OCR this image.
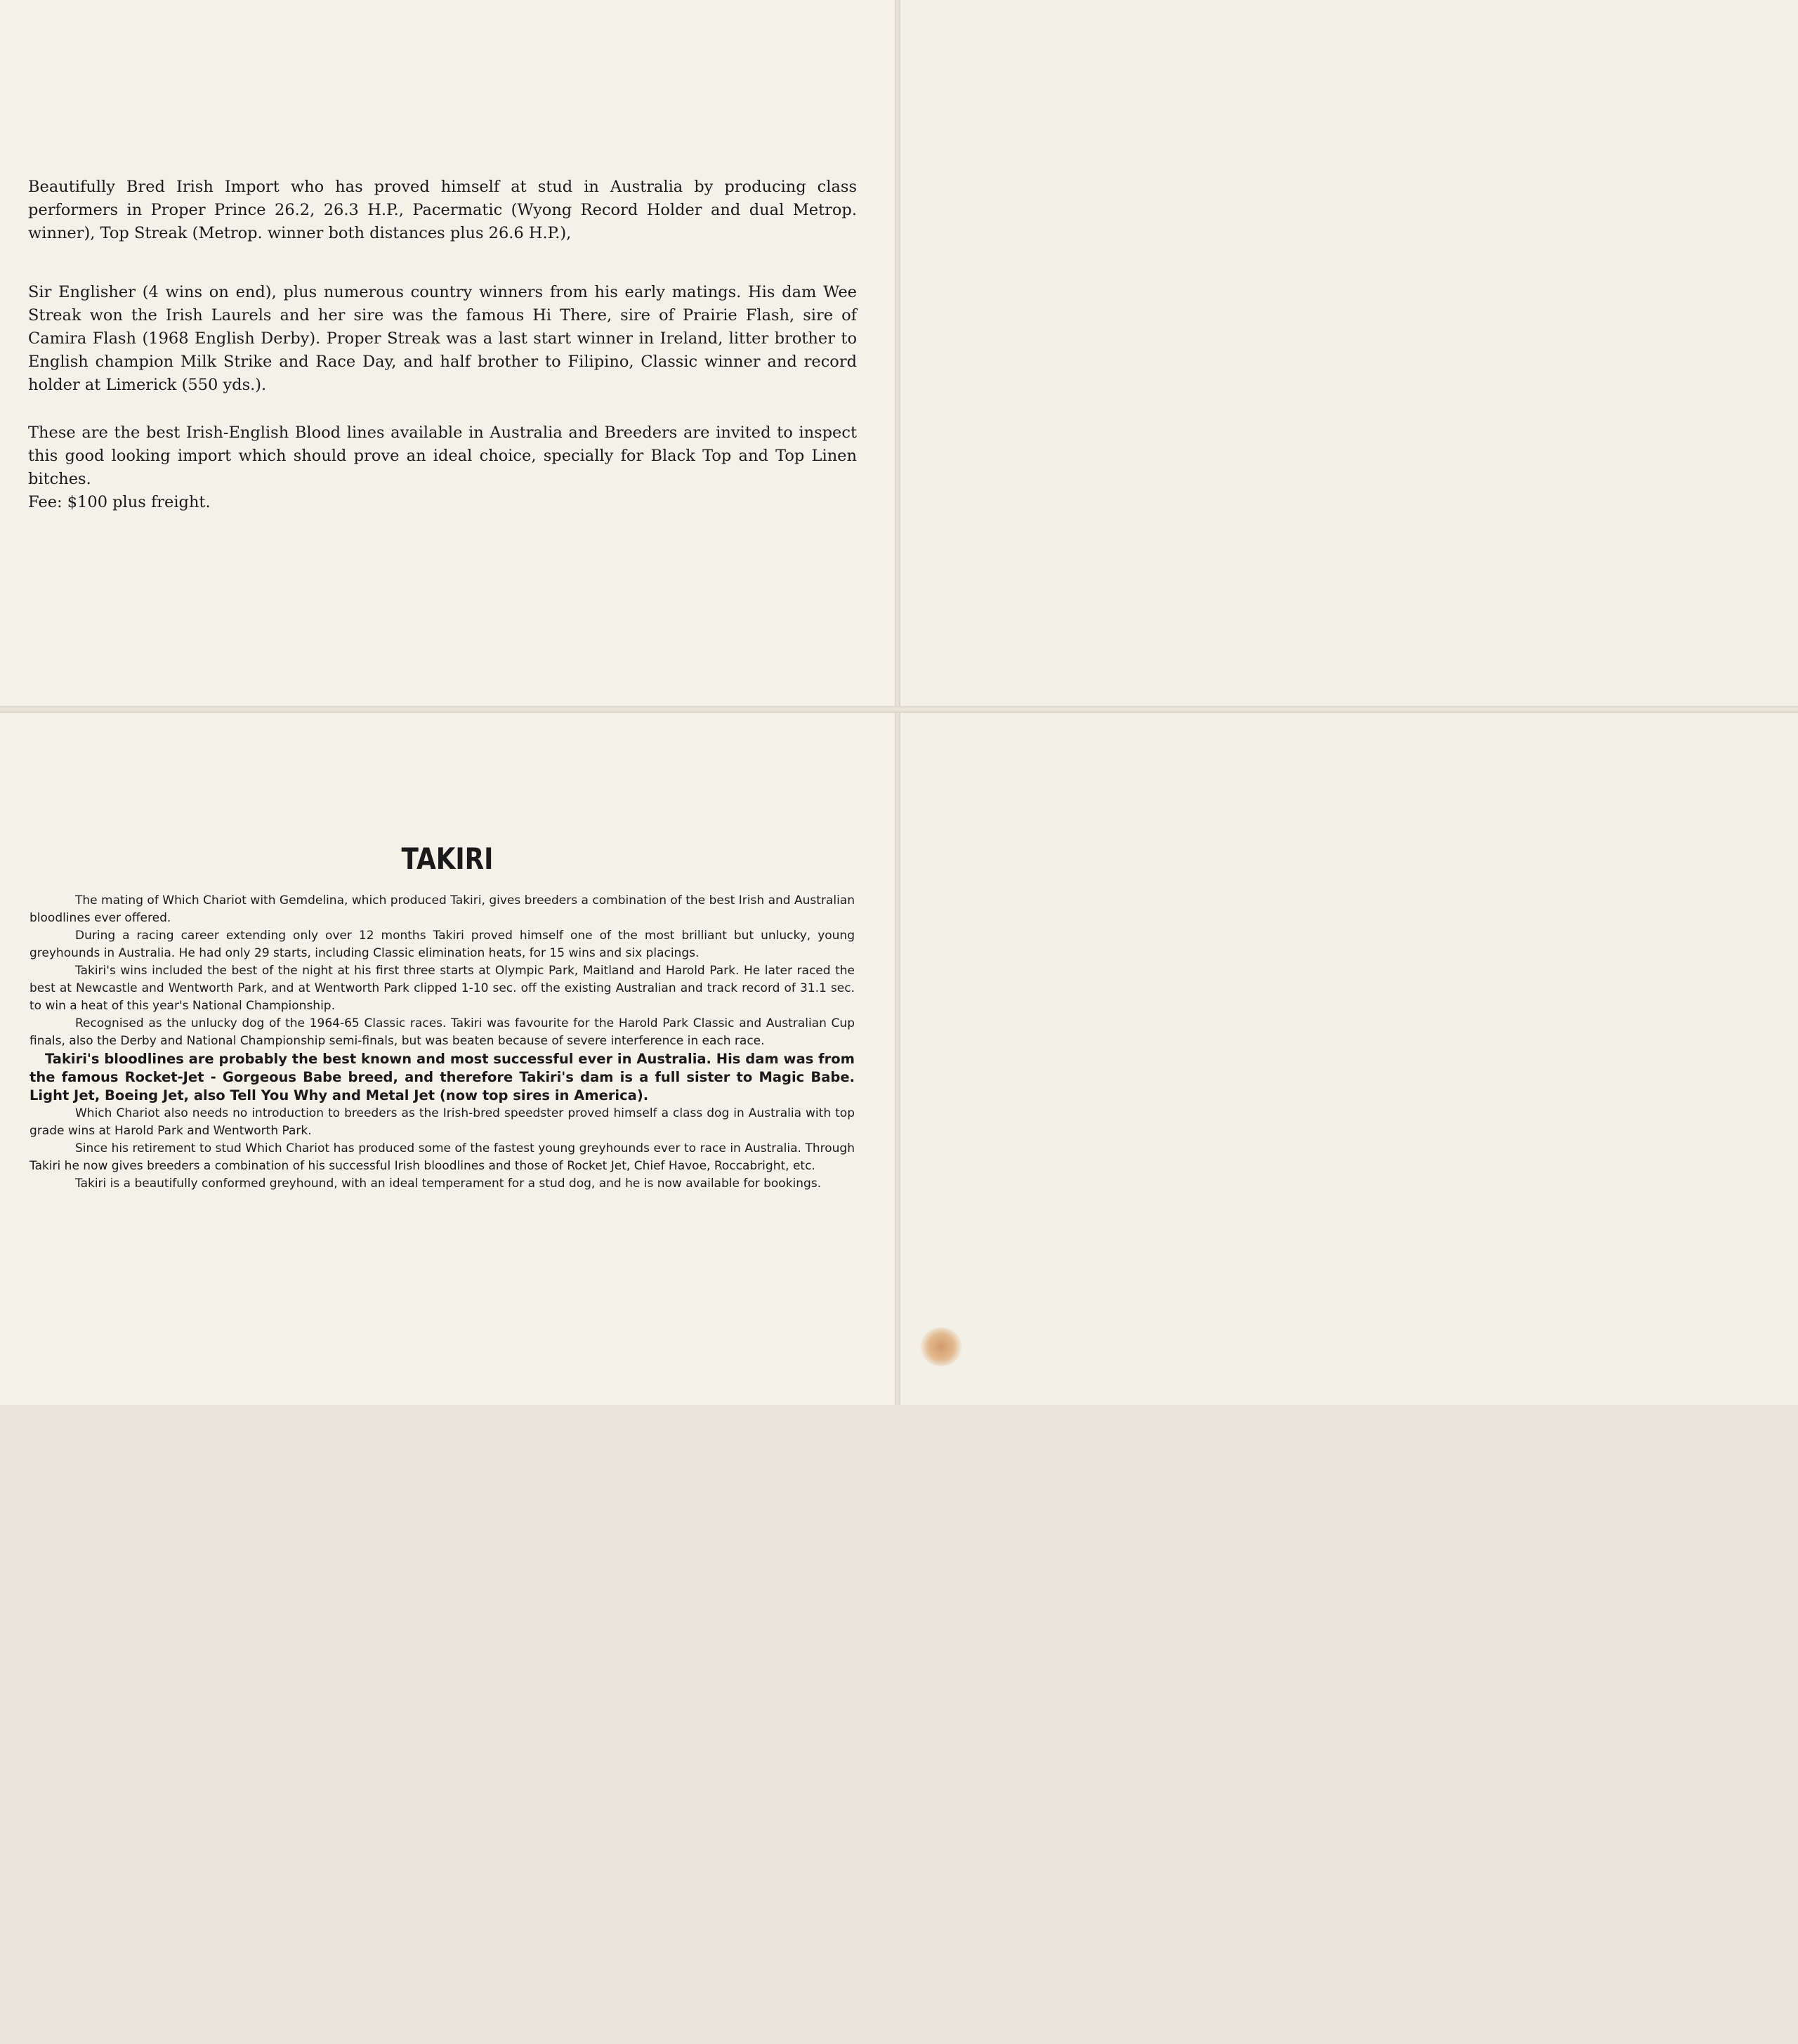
Beautifully Bred Irish Import who has proved himself at stud in Australia by producing class performers in Proper Prince 26.2, 26.3 H.P., Pacermatic (Wyong Record Holder and dual Metrop. winner), Top Streak (Metrop. winner both distances plus 26.6 H.P.),

Sir Englisher (4 wins on end), plus numerous country winners from his early matings. His dam Wee Streak won the Irish Laurels and her sire was the famous Hi There, sire of Prairie Flash, sire of Camira Flash (1968 English Derby). Proper Streak was a last start winner in Ireland, litter brother to English champion Milk Strike and Race Day, and half brother to Filipino, Classic winner and record holder at Limerick (550 yds.).

These are the best Irish-English Blood lines available in Australia and Breeders are invited to inspect this good looking import which should prove an ideal choice, specially for Black Top and Top Linen bitches.
Fee: $100 plus freight.

TAKIRI

The mating of Which Chariot with Gemdelina, which produced Takiri, gives breeders a combination of the best Irish and Australian bloodlines ever offered.

During a racing career extending only over 12 months Takiri proved himself one of the most brilliant but unlucky, young greyhounds in Australia. He had only 29 starts, including Classic elimination heats, for 15 wins and six placings.

Takiri's wins included the best of the night at his first three starts at Olympic Park, Maitland and Harold Park. He later raced the best at Newcastle and Wentworth Park, and at Wentworth Park clipped 1-10 sec. off the existing Australian and track record of 31.1 sec. to win a heat of this year's National Championship.

Recognised as the unlucky dog of the 1964-65 Classic races. Takiri was favourite for the Harold Park Classic and Australian Cup finals, also the Derby and National Championship semi-finals, but was beaten because of severe interference in each race.

Takiri's bloodlines are probably the best known and most successful ever in Australia. His dam was from the famous Rocket-Jet - Gorgeous Babe breed, and therefore Takiri's dam is a full sister to Magic Babe. Light Jet, Boeing Jet, also Tell You Why and Metal Jet (now top sires in America).

Which Chariot also needs no introduction to breeders as the Irish-bred speedster proved himself a class dog in Australia with top grade wins at Harold Park and Wentworth Park.

Since his retirement to stud Which Chariot has produced some of the fastest young greyhounds ever to race in Australia. Through Takiri he now gives breeders a combination of his successful Irish bloodlines and those of Rocket Jet, Chief Havoe, Roccabright, etc.

Takiri is a beautifully conformed greyhound, with an ideal temperament for a stud dog, and he is now available for bookings.
